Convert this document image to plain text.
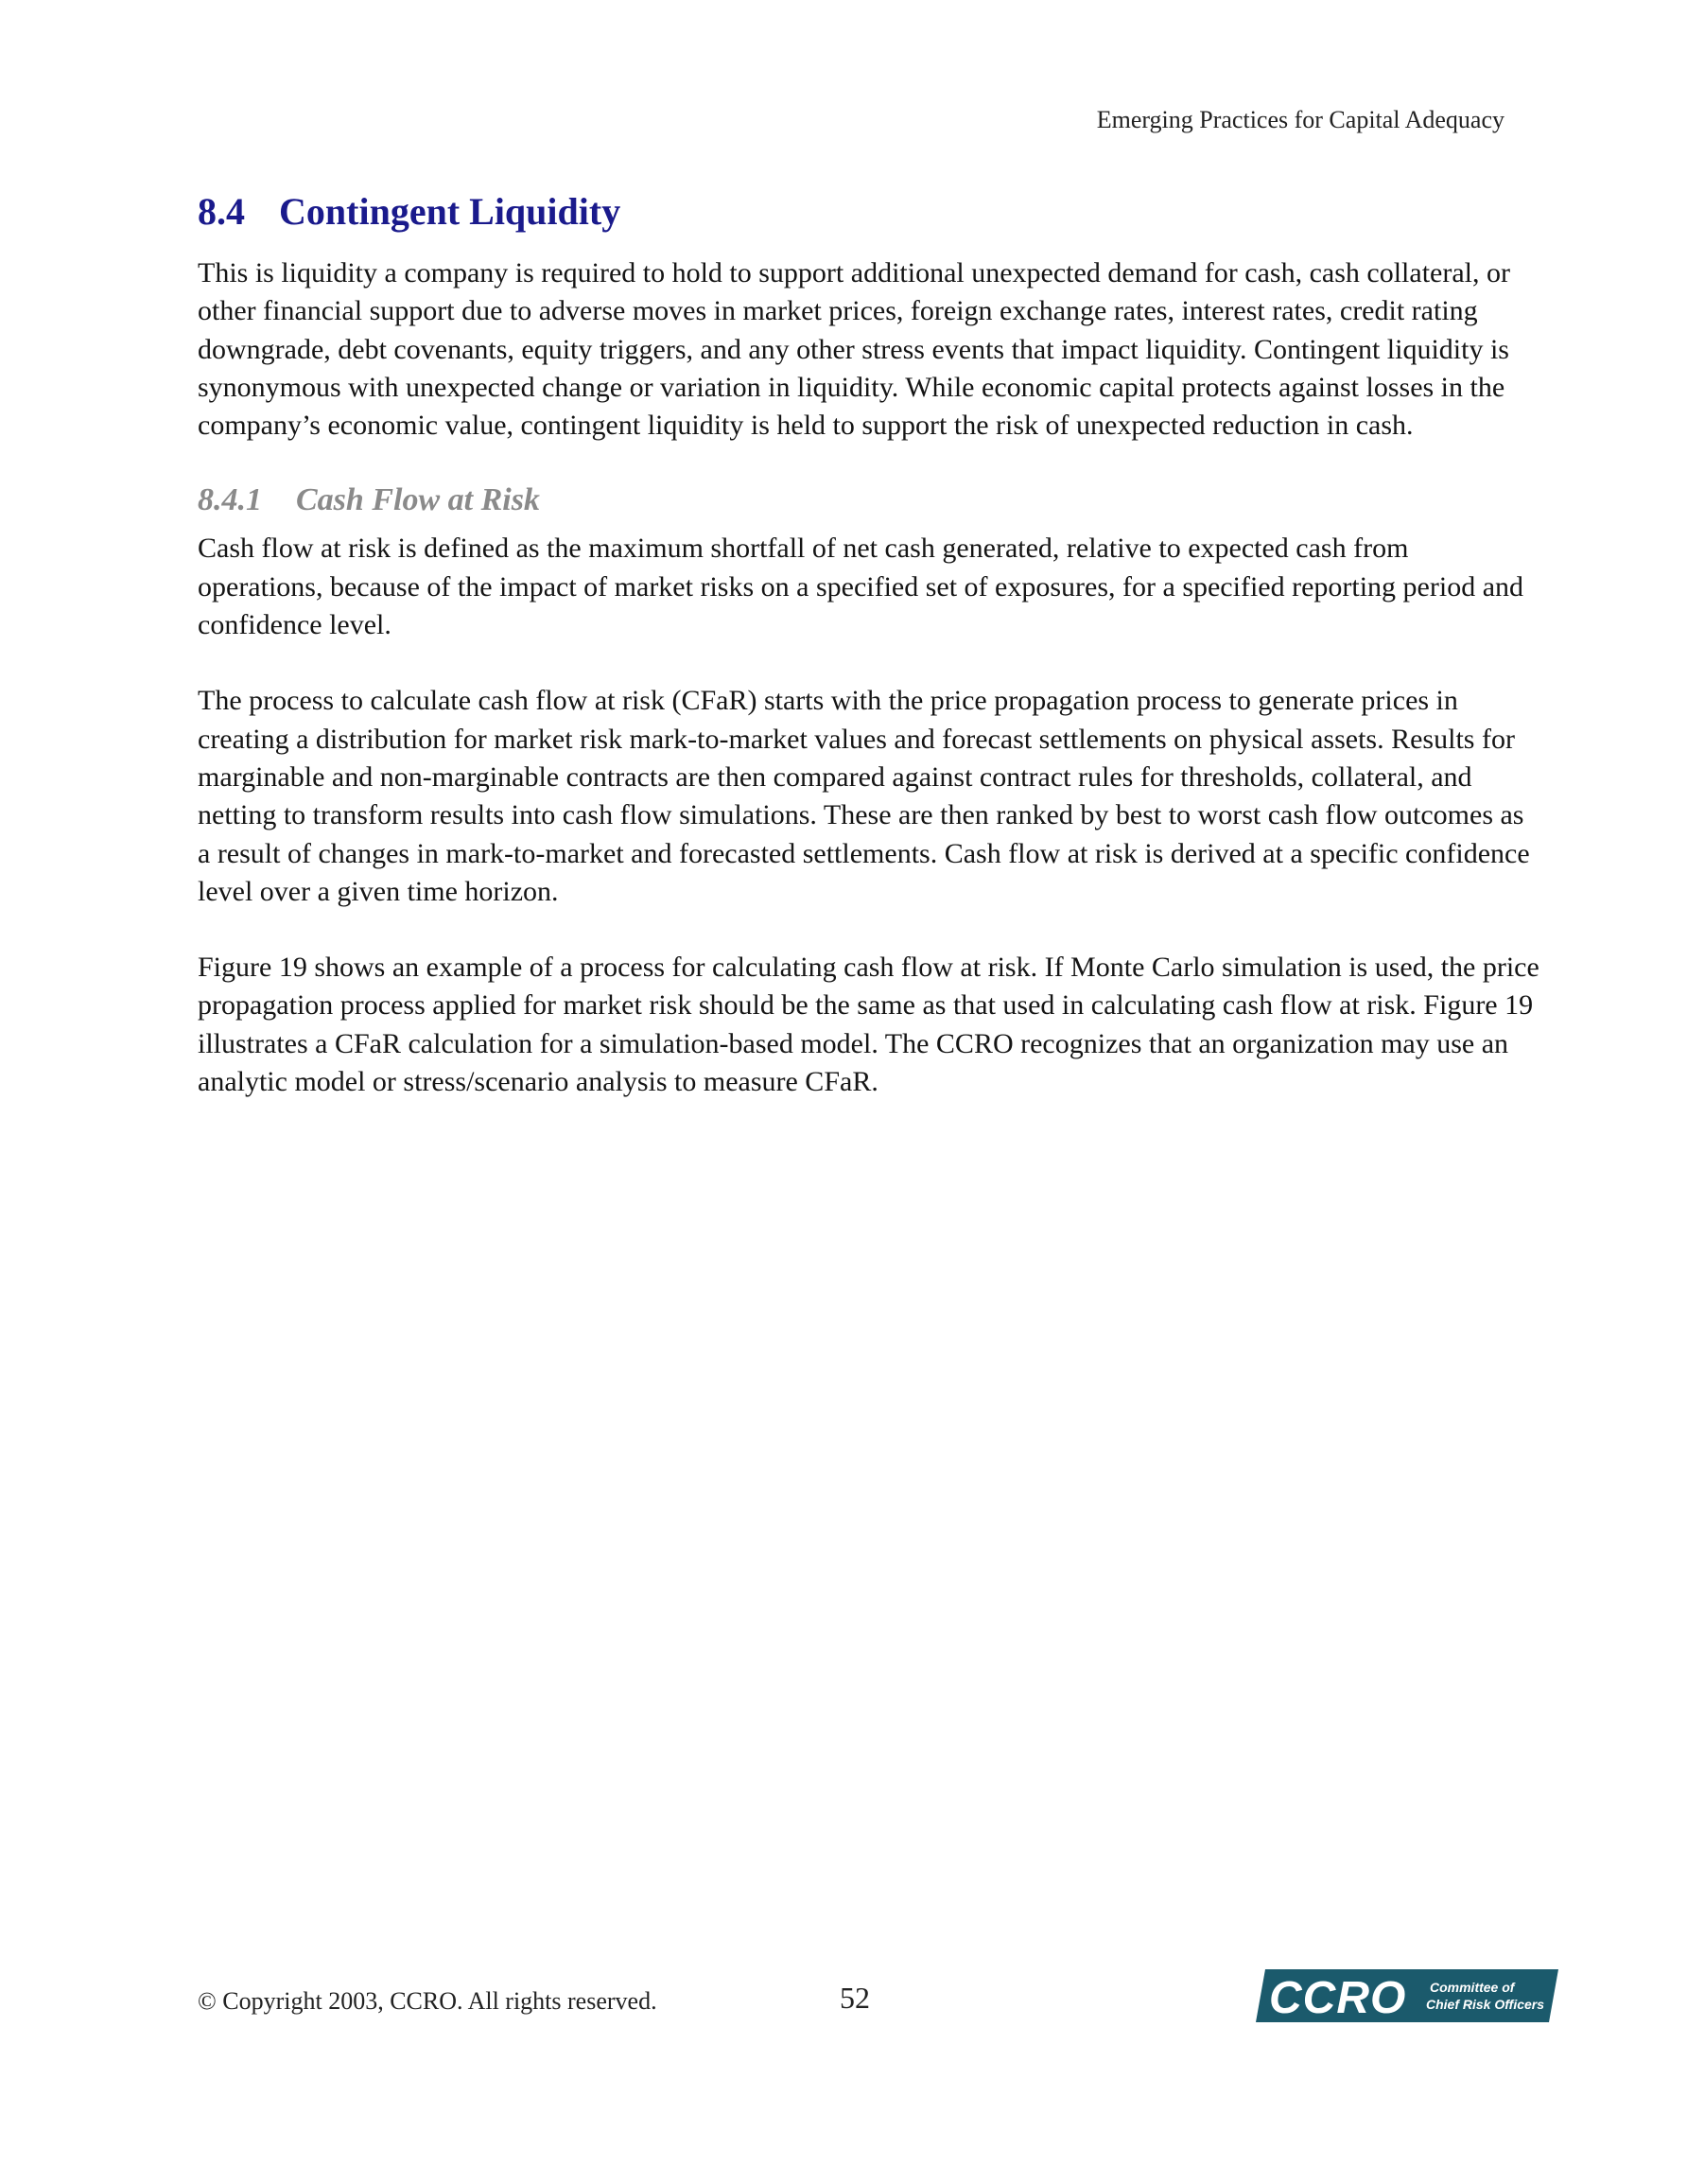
Emerging Practices for Capital Adequacy
8.4 Contingent Liquidity

This is liquidity a company is required to hold to support additional unexpected demand for cash, cash collateral, or other financial support due to adverse moves in market prices, foreign exchange rates, interest rates, credit rating downgrade, debt covenants, equity triggers, and any other stress events that impact liquidity. Contingent liquidity is synonymous with unexpected change or variation in liquidity. While economic capital protects against losses in the company’s economic value, contingent liquidity is held to support the risk of unexpected reduction in cash.

8.4.1 Cash Flow at Risk

Cash flow at risk is defined as the maximum shortfall of net cash generated, relative to expected cash from operations, because of the impact of market risks on a specified set of exposures, for a specified reporting period and confidence level.

The process to calculate cash flow at risk (CFaR) starts with the price propagation process to generate prices in creating a distribution for market risk mark-to-market values and forecast settlements on physical assets. Results for marginable and non-marginable contracts are then compared against contract rules for thresholds, collateral, and netting to transform results into cash flow simulations. These are then ranked by best to worst cash flow outcomes as a result of changes in mark-to-market and forecasted settlements. Cash flow at risk is derived at a specific confidence level over a given time horizon.

Figure 19 shows an example of a process for calculating cash flow at risk. If Monte Carlo simulation is used, the price propagation process applied for market risk should be the same as that used in calculating cash flow at risk. Figure 19 illustrates a CFaR calculation for a simulation-based model. The CCRO recognizes that an organization may use an analytic model or stress/scenario analysis to measure CFaR.

© Copyright 2003, CCRO. All rights reserved.	52	CCRO Committee of
Chief Risk Officers
